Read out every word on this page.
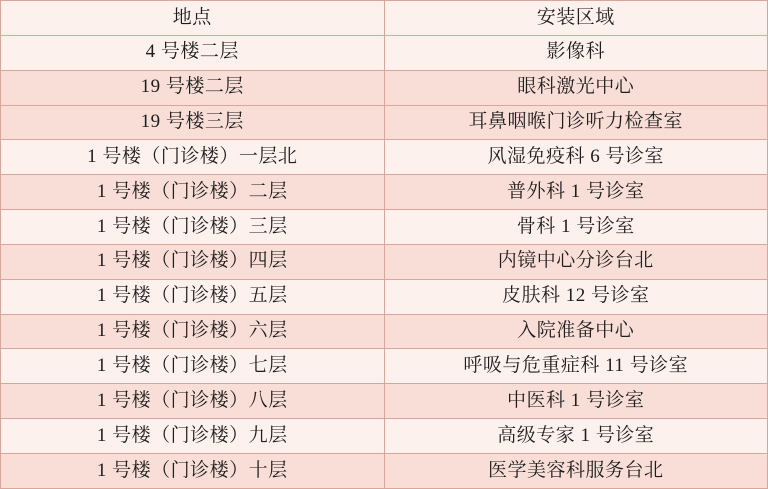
地点	安装区域
4 号楼二层	影像科
19 号楼二层	眼科激光中心
19 号楼三层	耳鼻咽喉门诊听力检查室
1 号楼（门诊楼）一层北	风湿免疫科 6 号诊室
1 号楼（门诊楼）二层	普外科 1 号诊室
1 号楼（门诊楼）三层	骨科 1 号诊室
1 号楼（门诊楼）四层	内镜中心分诊台北
1 号楼（门诊楼）五层	皮肤科 12 号诊室
1 号楼（门诊楼）六层	入院准备中心
1 号楼（门诊楼）七层	呼吸与危重症科 11 号诊室
1 号楼（门诊楼）八层	中医科 1 号诊室
1 号楼（门诊楼）九层	高级专家 1 号诊室
1 号楼（门诊楼）十层	医学美容科服务台北
